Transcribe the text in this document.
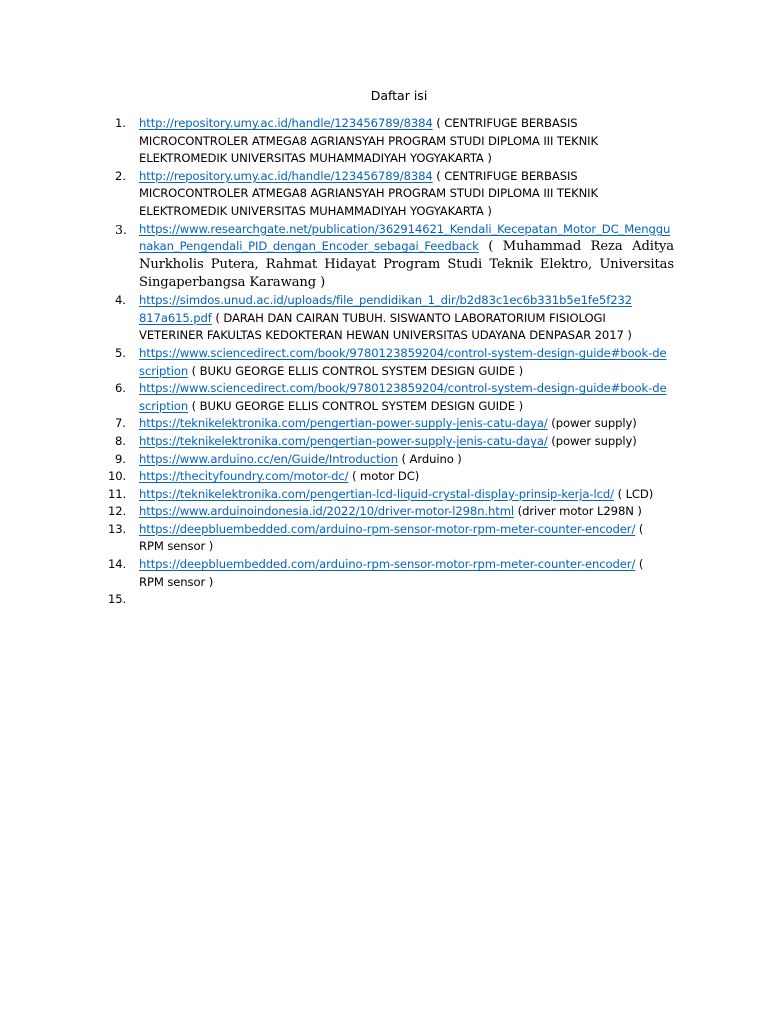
Daftar isi
1. http://repository.umy.ac.id/handle/123456789/8384 ( CENTRIFUGE BERBASIS MICROCONTROLER ATMEGA8 AGRIANSYAH PROGRAM STUDI DIPLOMA III TEKNIK ELEKTROMEDIK UNIVERSITAS MUHAMMADIYAH YOGYAKARTA )
2. http://repository.umy.ac.id/handle/123456789/8384 ( CENTRIFUGE BERBASIS MICROCONTROLER ATMEGA8 AGRIANSYAH PROGRAM STUDI DIPLOMA III TEKNIK ELEKTROMEDIK UNIVERSITAS MUHAMMADIYAH YOGYAKARTA )
3. https://www.researchgate.net/publication/362914621_Kendali_Kecepatan_Motor_DC_Menggunakan_Pengendali_PID_dengan_Encoder_sebagai_Feedback ( Muhammad Reza Aditya Nurkholis Putera, Rahmat Hidayat Program Studi Teknik Elektro, Universitas Singaperbangsa Karawang )
4. https://simdos.unud.ac.id/uploads/file_pendidikan_1_dir/b2d83c1ec6b331b5e1fe5f232817a615.pdf ( DARAH DAN CAIRAN TUBUH. SISWANTO LABORATORIUM FISIOLOGI VETERINER FAKULTAS KEDOKTERAN HEWAN UNIVERSITAS UDAYANA DENPASAR 2017 )
5. https://www.sciencedirect.com/book/9780123859204/control-system-design-guide#book-description ( BUKU GEORGE ELLIS CONTROL SYSTEM DESIGN GUIDE )
6. https://www.sciencedirect.com/book/9780123859204/control-system-design-guide#book-description ( BUKU GEORGE ELLIS CONTROL SYSTEM DESIGN GUIDE )
7. https://teknikelektronika.com/pengertian-power-supply-jenis-catu-daya/ (power supply)
8. https://teknikelektronika.com/pengertian-power-supply-jenis-catu-daya/ (power supply)
9. https://www.arduino.cc/en/Guide/Introduction ( Arduino )
10. https://thecityfoundry.com/motor-dc/ ( motor DC)
11. https://teknikelektronika.com/pengertian-lcd-liquid-crystal-display-prinsip-kerja-lcd/ ( LCD)
12. https://www.arduinoindonesia.id/2022/10/driver-motor-l298n.html (driver motor L298N )
13. https://deepbluembedded.com/arduino-rpm-sensor-motor-rpm-meter-counter-encoder/ ( RPM sensor )
14. https://deepbluembedded.com/arduino-rpm-sensor-motor-rpm-meter-counter-encoder/ ( RPM sensor )
15.
